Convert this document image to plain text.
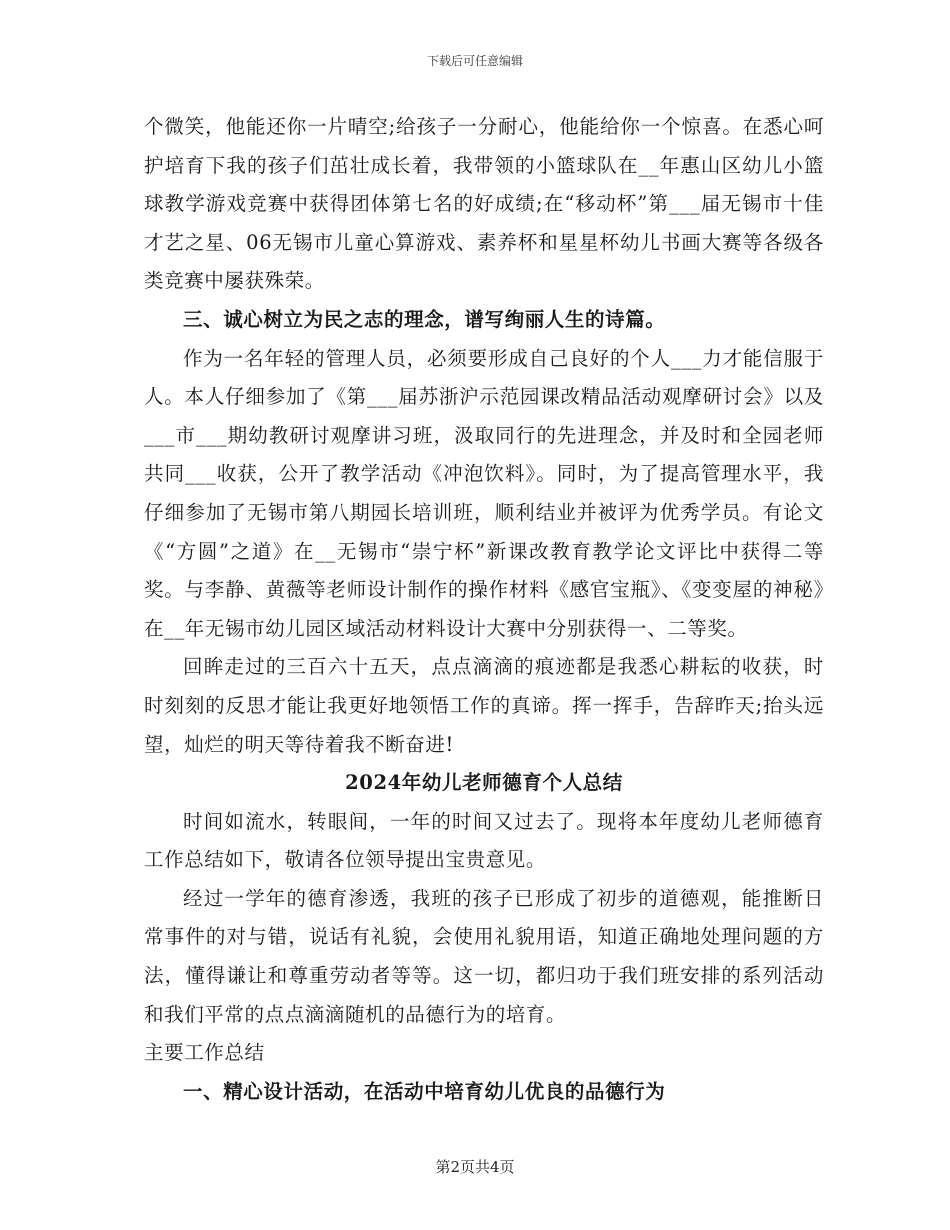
下载后可任意编辑

个微笑，他能还你一片晴空;给孩子一分耐心，他能给你一个惊喜。在悉心呵护培育下我的孩子们茁壮成长着，我带领的小篮球队在__年惠山区幼儿小篮球教学游戏竞赛中获得团体第七名的好成绩;在“移动杯”第___届无锡市十佳才艺之星、06无锡市儿童心算游戏、素养杯和星星杯幼儿书画大赛等各级各类竞赛中屡获殊荣。

三、诚心树立为民之志的理念，谱写绚丽人生的诗篇。

作为一名年轻的管理人员，必须要形成自己良好的个人___力才能信服于人。本人仔细参加了《第___届苏浙沪示范园课改精品活动观摩研讨会》以及___市___期幼教研讨观摩讲习班，汲取同行的先进理念，并及时和全园老师共同___收获，公开了教学活动《冲泡饮料》。同时，为了提高管理水平，我仔细参加了无锡市第八期园长培训班，顺利结业并被评为优秀学员。有论文《“方圆”之道》在__无锡市“崇宁杯”新课改教育教学论文评比中获得二等奖。与李静、黄薇等老师设计制作的操作材料《感官宝瓶》、《变变屋的神秘》在__年无锡市幼儿园区域活动材料设计大赛中分别获得一、二等奖。

回眸走过的三百六十五天，点点滴滴的痕迹都是我悉心耕耘的收获，时时刻刻的反思才能让我更好地领悟工作的真谛。挥一挥手，告辞昨天;抬头远望，灿烂的明天等待着我不断奋进!

2024年幼儿老师德育个人总结

时间如流水，转眼间，一年的时间又过去了。现将本年度幼儿老师德育工作总结如下，敬请各位领导提出宝贵意见。

经过一学年的德育渗透，我班的孩子已形成了初步的道德观，能推断日常事件的对与错，说话有礼貌，会使用礼貌用语，知道正确地处理问题的方法，懂得谦让和尊重劳动者等等。这一切，都归功于我们班安排的系列活动和我们平常的点点滴滴随机的品德行为的培育。

主要工作总结

一、精心设计活动，在活动中培育幼儿优良的品德行为

第2页共4页
